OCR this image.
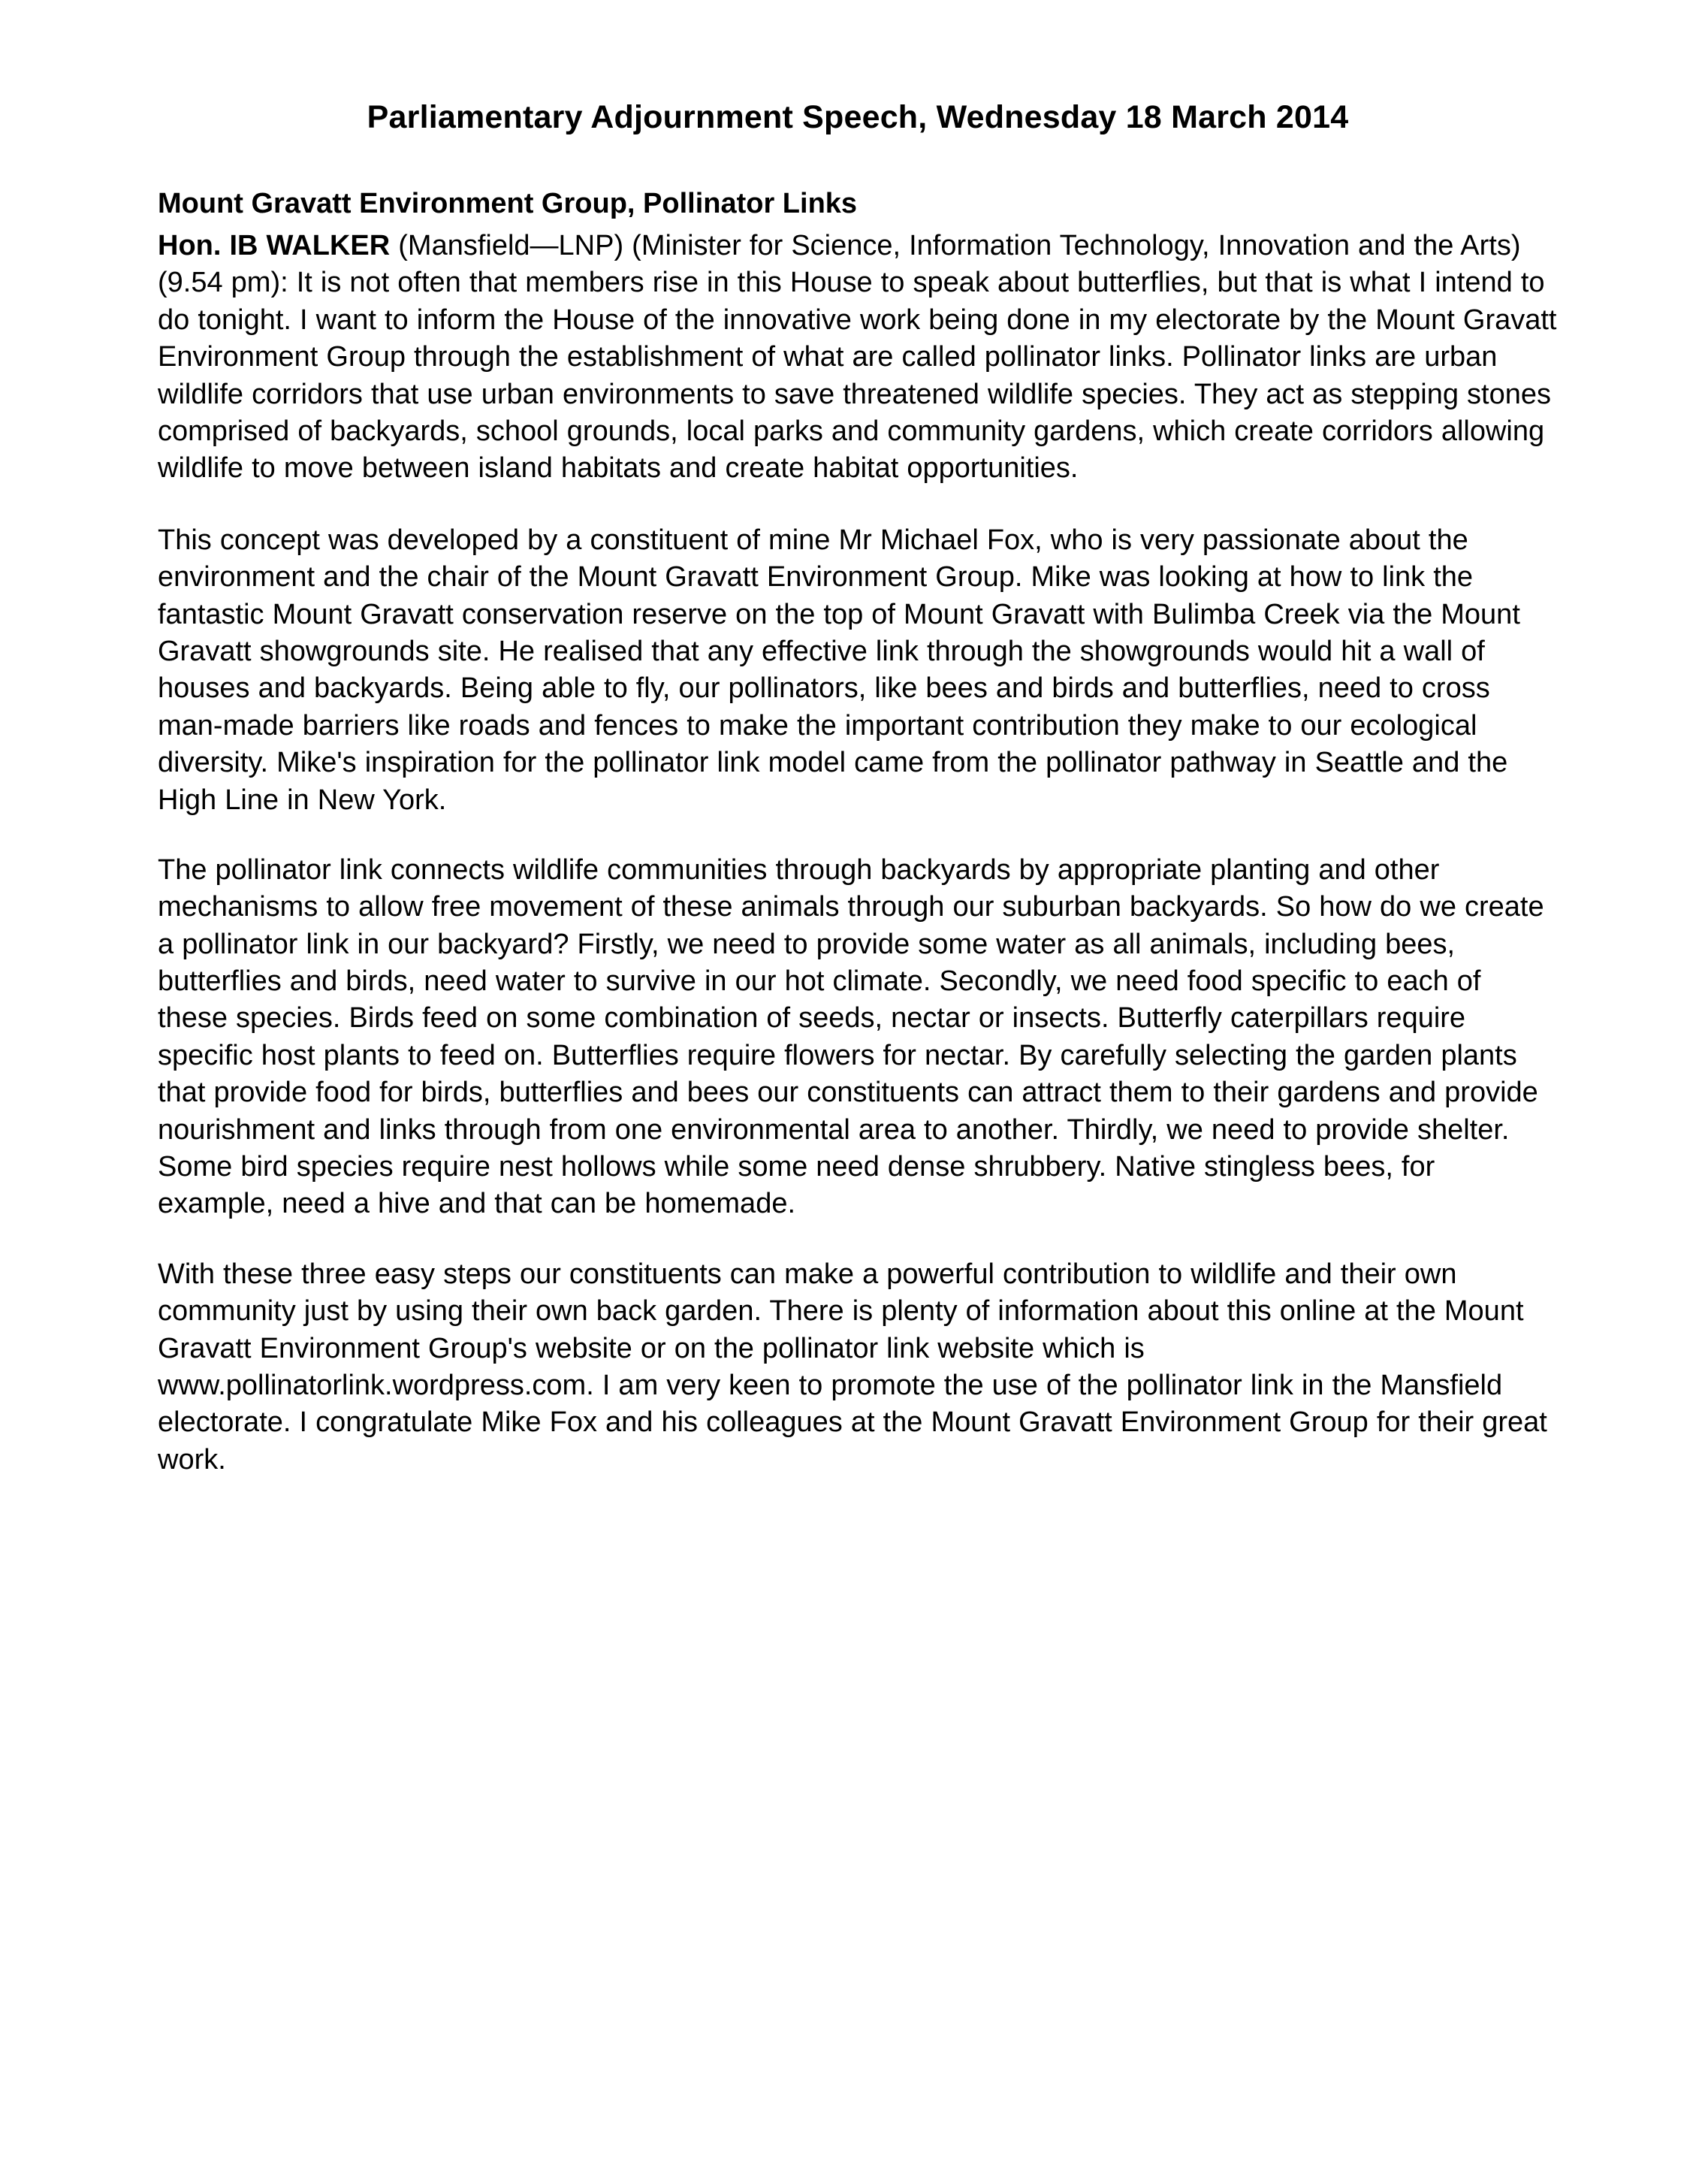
Parliamentary Adjournment Speech, Wednesday 18 March 2014
Mount Gravatt Environment Group, Pollinator Links

Hon. IB WALKER (Mansfield—LNP) (Minister for Science, Information Technology, Innovation and the Arts) (9.54 pm): It is not often that members rise in this House to speak about butterflies, but that is what I intend to do tonight. I want to inform the House of the innovative work being done in my electorate by the Mount Gravatt Environment Group through the establishment of what are called pollinator links. Pollinator links are urban wildlife corridors that use urban environments to save threatened wildlife species. They act as stepping stones comprised of backyards, school grounds, local parks and community gardens, which create corridors allowing wildlife to move between island habitats and create habitat opportunities.

This concept was developed by a constituent of mine Mr Michael Fox, who is very passionate about the environment and the chair of the Mount Gravatt Environment Group. Mike was looking at how to link the fantastic Mount Gravatt conservation reserve on the top of Mount Gravatt with Bulimba Creek via the Mount Gravatt showgrounds site. He realised that any effective link through the showgrounds would hit a wall of houses and backyards. Being able to fly, our pollinators, like bees and birds and butterflies, need to cross man-made barriers like roads and fences to make the important contribution they make to our ecological diversity. Mike's inspiration for the pollinator link model came from the pollinator pathway in Seattle and the High Line in New York.

The pollinator link connects wildlife communities through backyards by appropriate planting and other mechanisms to allow free movement of these animals through our suburban backyards. So how do we create a pollinator link in our backyard? Firstly, we need to provide some water as all animals, including bees, butterflies and birds, need water to survive in our hot climate. Secondly, we need food specific to each of these species. Birds feed on some combination of seeds, nectar or insects. Butterfly caterpillars require specific host plants to feed on. Butterflies require flowers for nectar. By carefully selecting the garden plants that provide food for birds, butterflies and bees our constituents can attract them to their gardens and provide nourishment and links through from one environmental area to another. Thirdly, we need to provide shelter. Some bird species require nest hollows while some need dense shrubbery. Native stingless bees, for example, need a hive and that can be homemade.

With these three easy steps our constituents can make a powerful contribution to wildlife and their own community just by using their own back garden. There is plenty of information about this online at the Mount Gravatt Environment Group's website or on the pollinator link website which is www.pollinatorlink.wordpress.com. I am very keen to promote the use of the pollinator link in the Mansfield electorate. I congratulate Mike Fox and his colleagues at the Mount Gravatt Environment Group for their great work.
